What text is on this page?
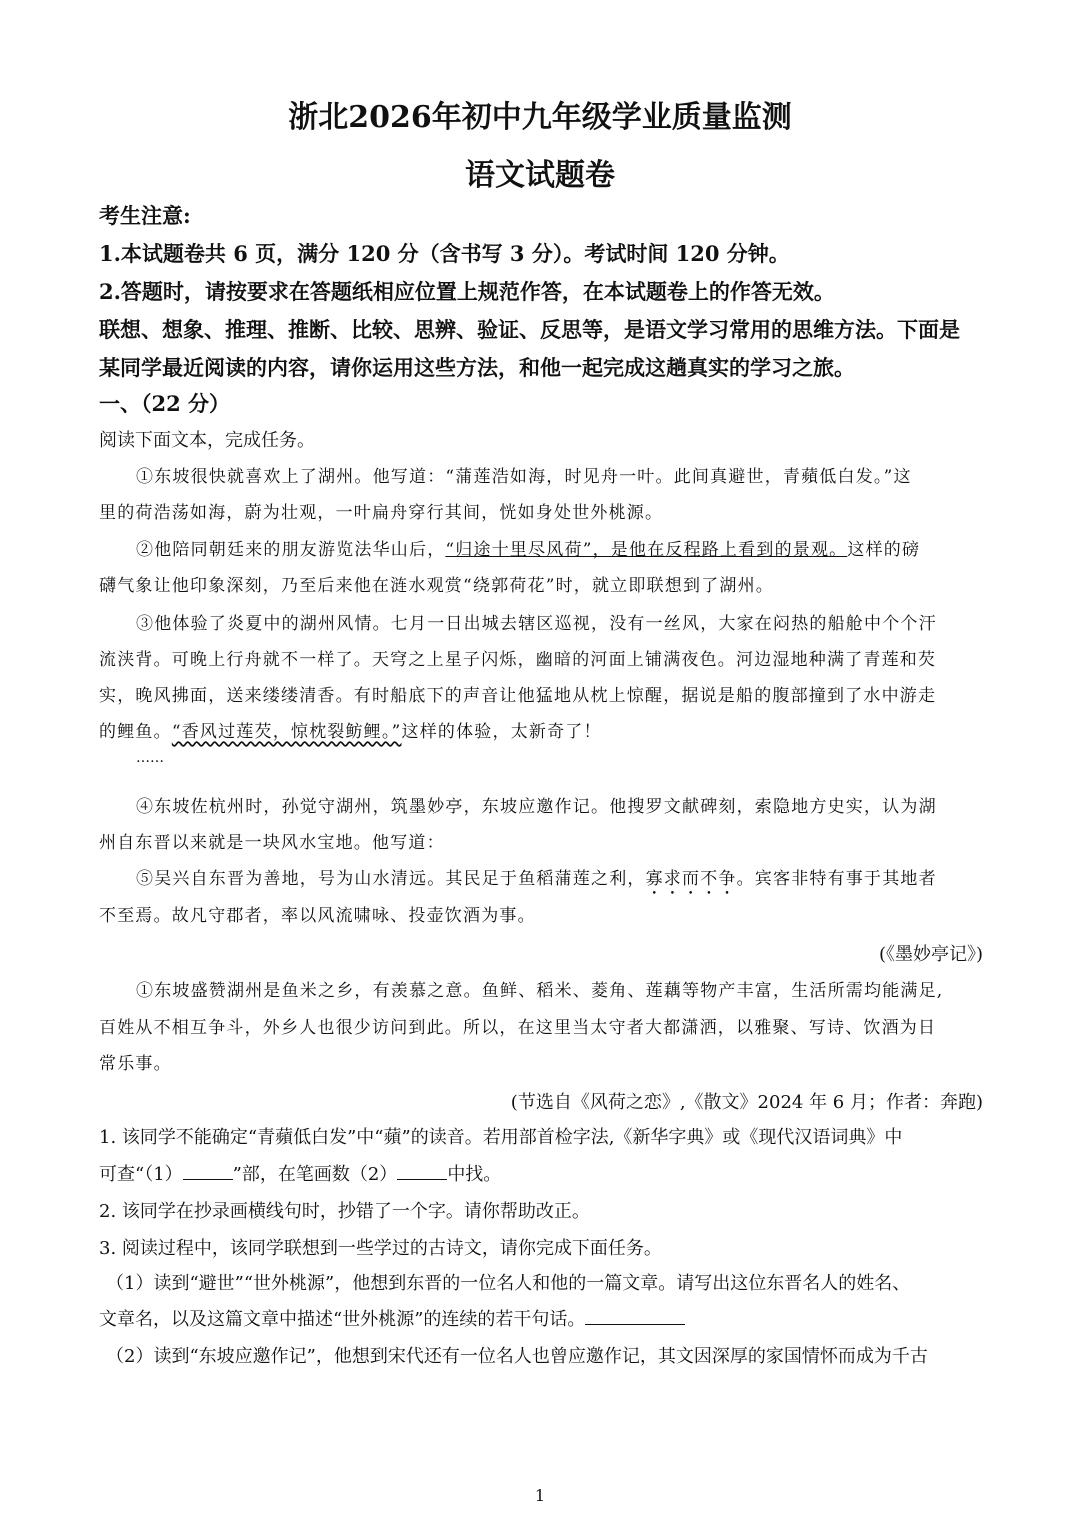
浙北2026年初中九年级学业质量监测
语文试题卷
考生注意:
1.本试题卷共 6 页，满分 120 分（含书写 3 分）。考试时间 120 分钟。
2.答题时，请按要求在答题纸相应位置上规范作答，在本试题卷上的作答无效。
联想、想象、推理、推断、比较、思辨、验证、反思等，是语文学习常用的思维方法。下面是
某同学最近阅读的内容，请你运用这些方法，和他一起完成这趟真实的学习之旅。
一、（22 分）
阅读下面文本，完成任务。
①东坡很快就喜欢上了湖州。他写道：“蒲莲浩如海，时见舟一叶。此间真避世，青蘋低白发。”这
里的荷浩荡如海，蔚为壮观，一叶扁舟穿行其间，恍如身处世外桃源。
②他陪同朝廷来的朋友游览法华山后，“归途十里尽风荷”，是他在反程路上看到的景观。这样的磅
礴气象让他印象深刻，乃至后来他在涟水观赏“绕郭荷花”时，就立即联想到了湖州。
③他体验了炎夏中的湖州风情。七月一日出城去辖区巡视，没有一丝风，大家在闷热的船舱中个个汗
流浃背。可晚上行舟就不一样了。天穹之上星子闪烁，幽暗的河面上铺满夜色。河边湿地种满了青莲和芡
实，晚风拂面，送来缕缕清香。有时船底下的声音让他猛地从枕上惊醒，据说是船的腹部撞到了水中游走
的鲤鱼。“香风过莲芡，惊枕裂鲂鲤。”这样的体验，太新奇了！
……
④东坡佐杭州时，孙觉守湖州，筑墨妙亭，东坡应邀作记。他搜罗文献碑刻，索隐地方史实，认为湖
州自东晋以来就是一块风水宝地。他写道：
⑤吴兴自东晋为善地，号为山水清远。其民足于鱼稻蒲莲之利，寡求而不争。宾客非特有事于其地者
不至焉。故凡守郡者，率以风流啸咏、投壶饮酒为事。
(《墨妙亭记》)
①东坡盛赞湖州是鱼米之乡，有羡慕之意。鱼鲜、稻米、菱角、莲藕等物产丰富，生活所需均能满足,
百姓从不相互争斗，外乡人也很少访问到此。所以，在这里当太守者大都潇洒，以雅聚、写诗、饮酒为日
常乐事。
(节选自《风荷之恋》,《散文》2024 年 6 月；作者：奔跑)
1. 该同学不能确定“青蘋低白发”中“蘋”的读音。若用部首检字法,《新华字典》或《现代汉语词典》中
可查“（1）	”部，在笔画数（2）	中找。
2. 该同学在抄录画横线句时，抄错了一个字。请你帮助改正。
3. 阅读过程中，该同学联想到一些学过的古诗文，请你完成下面任务。
（1）读到“避世”“世外桃源”，他想到东晋的一位名人和他的一篇文章。请写出这位东晋名人的姓名、
文章名，以及这篇文章中描述“世外桃源”的连续的若干句话。
（2）读到“东坡应邀作记”，他想到宋代还有一位名人也曾应邀作记，其文因深厚的家国情怀而成为千古
1
